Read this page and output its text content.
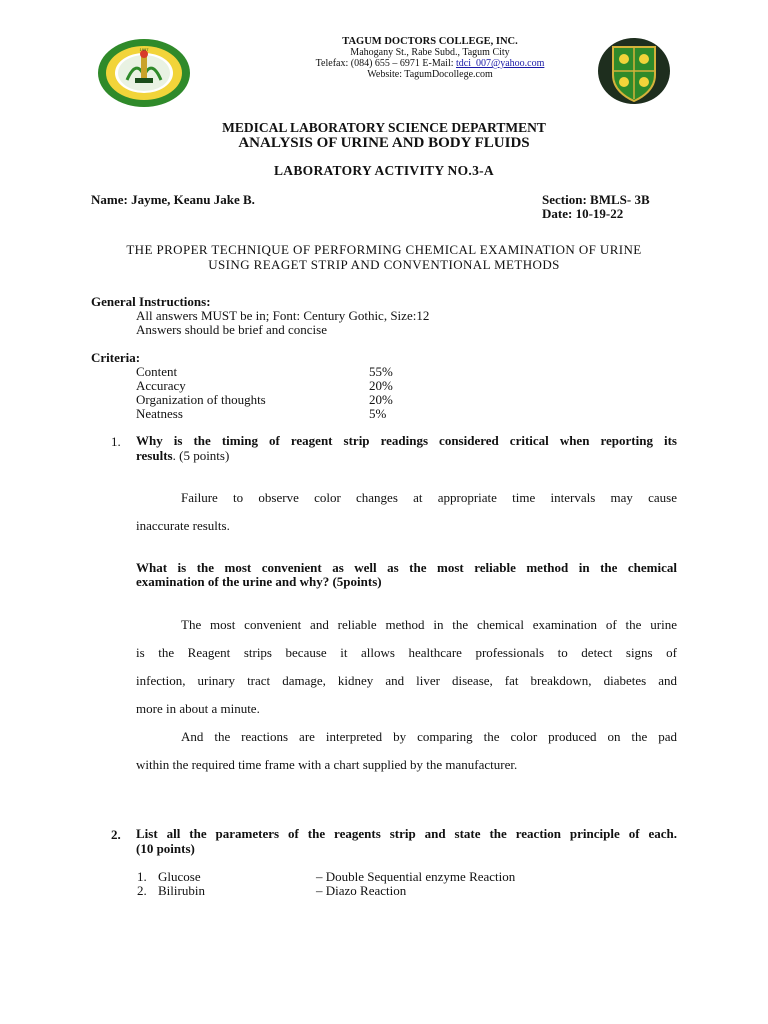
1997
TAGUM DOCTORS COLLEGE, INC.
Mahogany St., Rabe Subd., Tagum City
Telefax: (084) 655 – 6971 E-Mail: tdci_007@yahoo.com
Website: TagumDocollege.com
MEDICAL LABORATORY SCIENCE DEPARTMENT
ANALYSIS OF URINE AND BODY FLUIDS
LABORATORY ACTIVITY NO.3-A
Name: Jayme, Keanu Jake B.	Section: BMLS- 3B
Date: 10-19-22
THE PROPER TECHNIQUE OF PERFORMING CHEMICAL EXAMINATION OF URINE
USING REAGET STRIP AND CONVENTIONAL METHODS
General Instructions:
All answers MUST be in; Font: Century Gothic, Size:12
Answers should be brief and concise
Criteria:
Content	55%
Accuracy	20%
Organization of thoughts	20%
Neatness	5%
1. Why is the timing of reagent strip readings considered critical when reporting its
results. (5 points)
Failure to observe color changes at appropriate time intervals may cause
inaccurate results.
What is the most convenient as well as the most reliable method in the chemical
examination of the urine and why? (5points)
The most convenient and reliable method in the chemical examination of the urine
is the Reagent strips because it allows healthcare professionals to detect signs of
infection, urinary tract damage, kidney and liver disease, fat breakdown, diabetes and
more in about a minute.
And the reactions are interpreted by comparing the color produced on the pad
within the required time frame with a chart supplied by the manufacturer.
2. List all the parameters of the reagents strip and state the reaction principle of each.
(10 points)
1. Glucose	– Double Sequential enzyme Reaction
2. Bilirubin	– Diazo Reaction
